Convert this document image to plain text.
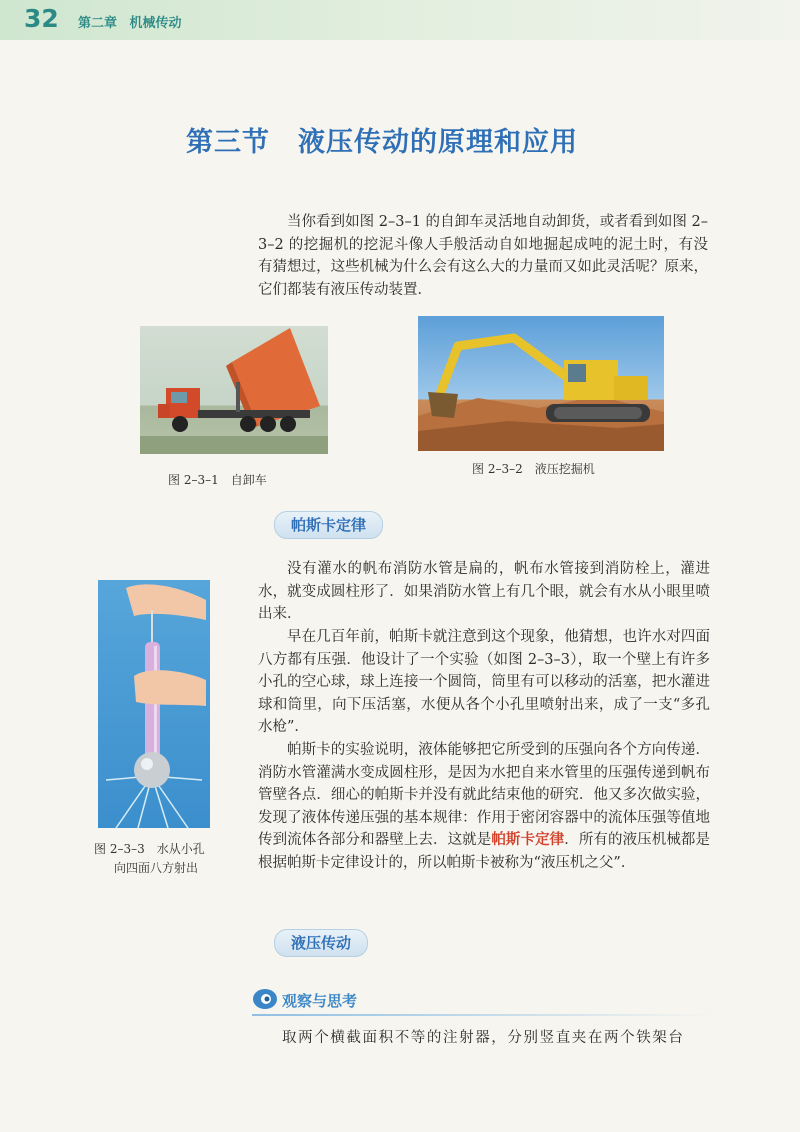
32 第二章 机械传动
第三节　液压传动的原理和应用

当你看到如图 2–3–1 的自卸车灵活地自动卸货，或者看到如图 2–3–2 的挖掘机的挖泥斗像人手般活动自如地掘起成吨的泥土时，有没有猜想过，这些机械为什么会有这么大的力量而又如此灵活呢？原来，它们都装有液压传动装置．

图 2–3–1　自卸车
图 2–3–2　液压挖掘机
帕斯卡定律
图 2–3–3　水从小孔
向四面八方射出

没有灌水的帆布消防水管是扁的，帆布水管接到消防栓上，灌进水，就变成圆柱形了．如果消防水管上有几个眼，就会有水从小眼里喷出来．

早在几百年前，帕斯卡就注意到这个现象，他猜想，也许水对四面八方都有压强．他设计了一个实验（如图 2–3–3），取一个壁上有许多小孔的空心球，球上连接一个圆筒，筒里有可以移动的活塞，把水灌进球和筒里，向下压活塞，水便从各个小孔里喷射出来，成了一支“多孔水枪”．

帕斯卡的实验说明，液体能够把它所受到的压强向各个方向传递．消防水管灌满水变成圆柱形，是因为水把自来水管里的压强传递到帆布管壁各点．细心的帕斯卡并没有就此结束他的研究．他又多次做实验，发现了液体传递压强的基本规律：作用于密闭容器中的流体压强等值地传到流体各部分和器壁上去．这就是帕斯卡定律．所有的液压机械都是根据帕斯卡定律设计的，所以帕斯卡被称为“液压机之父”．

液压传动
观察与思考

取两个横截面积不等的注射器，分别竖直夹在两个铁架台
